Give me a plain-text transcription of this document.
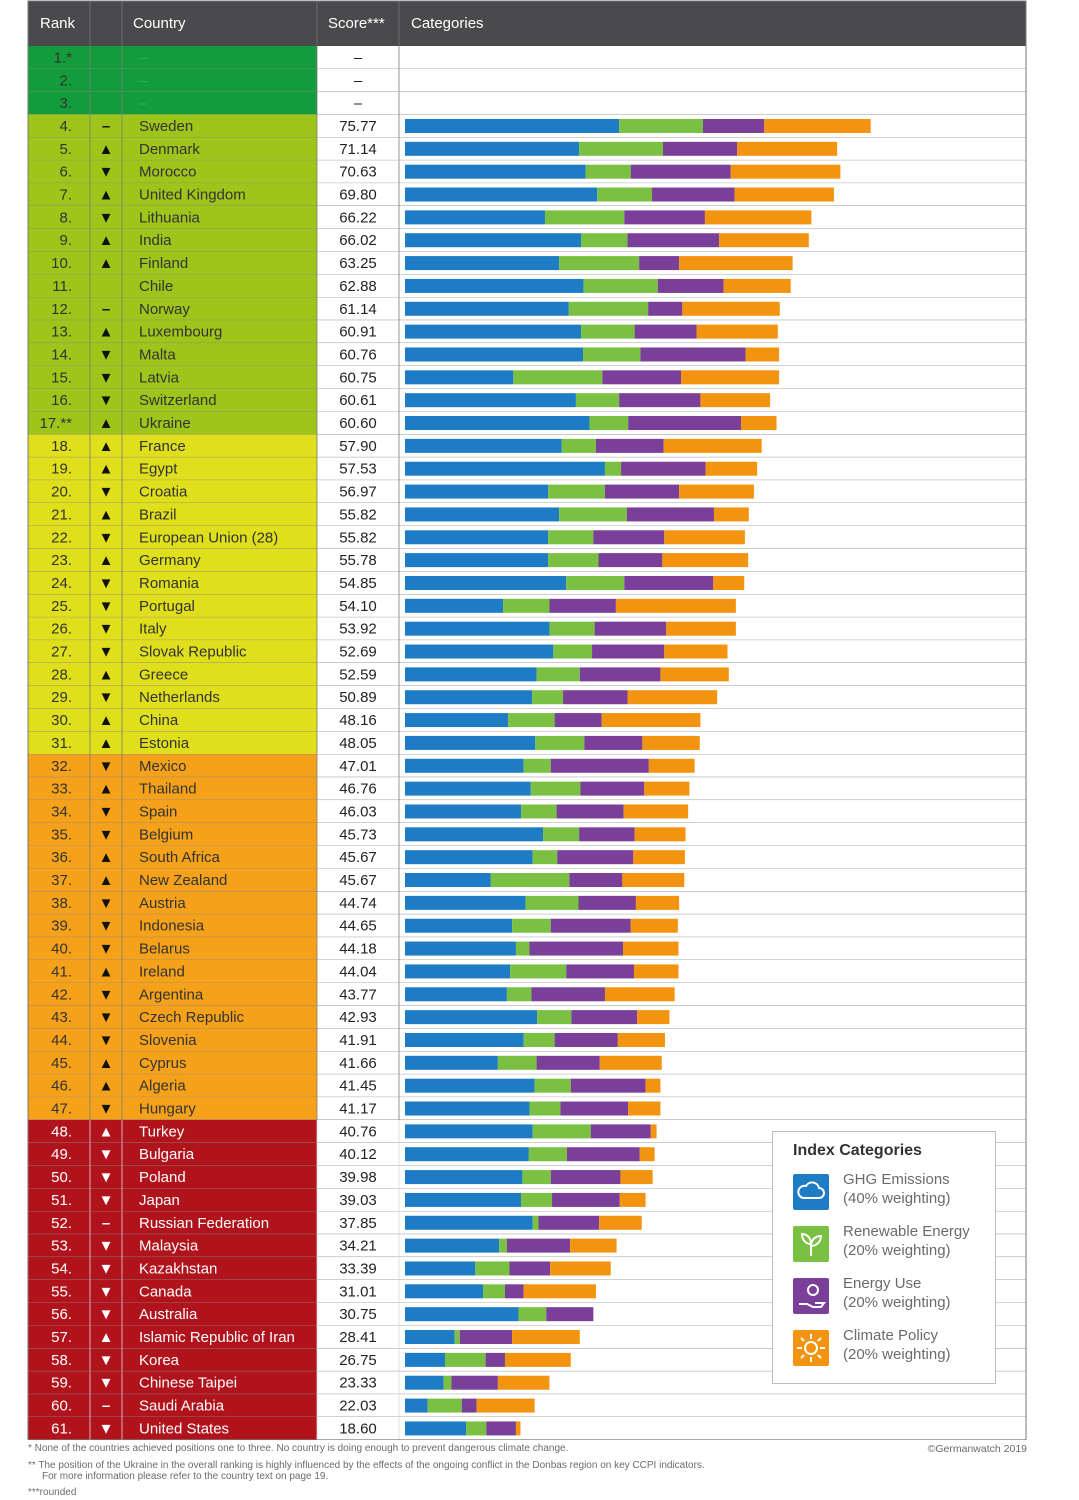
Rank	Country	Score*** Categories
1.*	–	–
2.	–	–
3.	–	–
4. – Sweden	75.77
5. ▲ Denmark	71.14
6. ▼ Morocco	70.63
7. ▲ United Kingdom	69.80
8. ▼ Lithuania	66.22
9. ▲ India	66.02
10. ▲ Finland	63.25
11.	Chile	62.88
12. – Norway	61.14
13. ▲ Luxembourg	60.91
14. ▼ Malta	60.76
15. ▼ Latvia	60.75
16. ▼ Switzerland	60.61
17.** ▲ Ukraine	60.60
18. ▲ France	57.90
19. ▲ Egypt	57.53
20. ▼ Croatia	56.97
21. ▲ Brazil	55.82
22. ▼ European Union (28)	55.82
23. ▲ Germany	55.78
24. ▼ Romania	54.85
25. ▼ Portugal	54.10
26. ▼ Italy	53.92
27. ▼ Slovak Republic	52.69
28. ▲ Greece	52.59
29. ▼ Netherlands	50.89
30. ▲ China	48.16
31. ▲ Estonia	48.05
32. ▼ Mexico	47.01
33. ▲ Thailand	46.76
34. ▼ Spain	46.03
35. ▼ Belgium	45.73
36. ▲ South Africa	45.67
37. ▲ New Zealand	45.67
38. ▼ Austria	44.74
39. ▼ Indonesia	44.65
40. ▼ Belarus	44.18
41. ▲ Ireland	44.04
42. ▼ Argentina	43.77
43. ▼ Czech Republic	42.93
44. ▼ Slovenia	41.91
45. ▲ Cyprus	41.66
46. ▲ Algeria	41.45
47. ▼ Hungary	41.17
48. ▲ Turkey	40.76
49. ▼ Bulgaria	40.12
50. ▼ Poland	39.98
51. ▼ Japan	39.03
52. – Russian Federation	37.85
53. ▼ Malaysia	34.21
54. ▼ Kazakhstan	33.39
55. ▼ Canada	31.01
56. ▼ Australia	30.75
57. ▲ Islamic Republic of Iran	28.41
58. ▼ Korea	26.75
59. ▼ Chinese Taipei	23.33
60. – Saudi Arabia	22.03
61. ▼ United States	18.60
Index Categories
GHG Emissions
(40% weighting)
Renewable Energy
(20% weighting)
Energy Use
(20% weighting)
Climate Policy
(20% weighting)
* None of the countries achieved positions one to three. No country is doing enough to prevent dangerous climate change.
** The position of the Ukraine in the overall ranking is highly influenced by the effects of the ongoing conflict in the Donbas region on key CCPI indicators.
For more information please refer to the country text on page 19.
***rounded
©Germanwatch 2019
